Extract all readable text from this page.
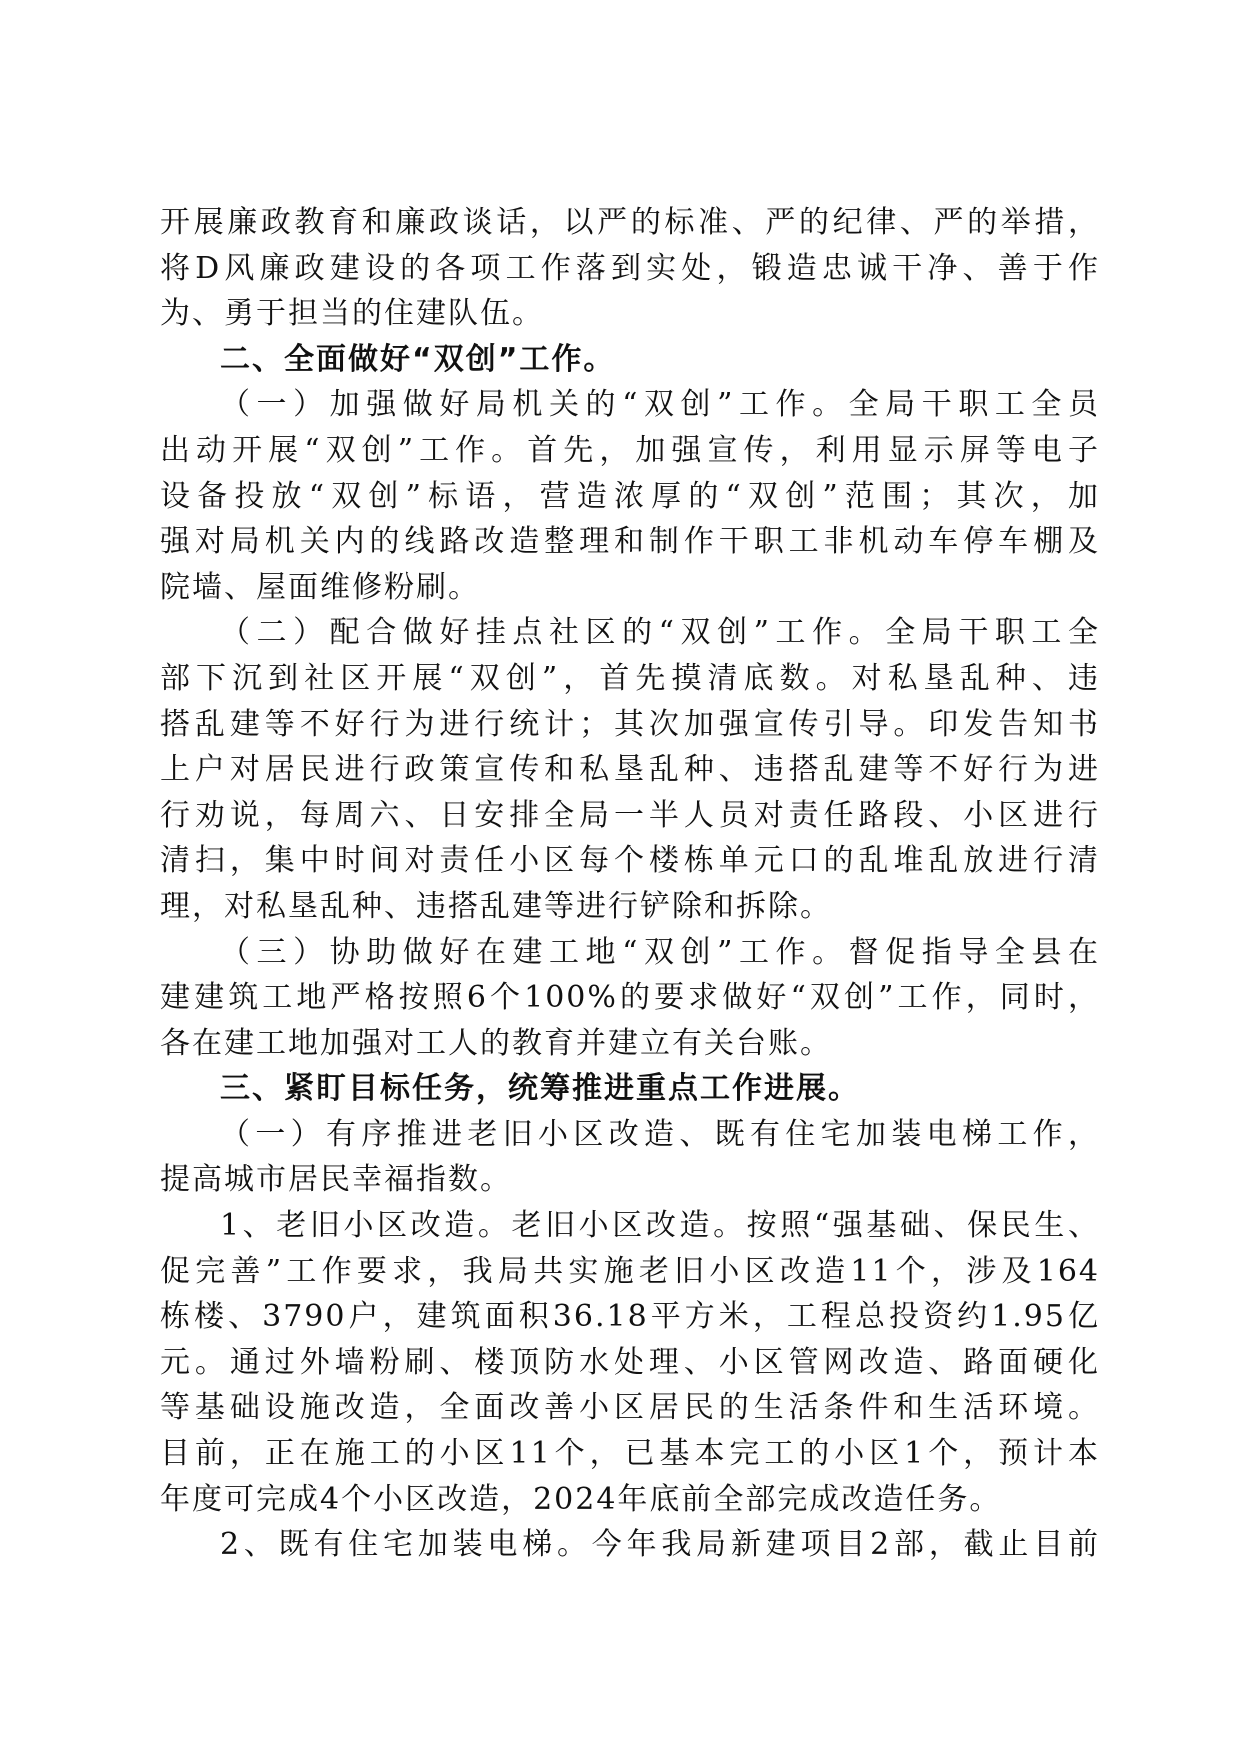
开展廉政教育和廉政谈话，以严的标准、严的纪律、严的举措，
将D风廉政建设的各项工作落到实处，锻造忠诚干净、善于作
为、勇于担当的住建队伍。
二、全面做好“双创”工作。
（一）加强做好局机关的“双创”工作。全局干职工全员
出动开展“双创”工作。首先，加强宣传，利用显示屏等电子
设备投放“双创”标语，营造浓厚的“双创”范围；其次，加
强对局机关内的线路改造整理和制作干职工非机动车停车棚及
院墙、屋面维修粉刷。
（二）配合做好挂点社区的“双创”工作。全局干职工全
部下沉到社区开展“双创”，首先摸清底数。对私垦乱种、违
搭乱建等不好行为进行统计；其次加强宣传引导。印发告知书
上户对居民进行政策宣传和私垦乱种、违搭乱建等不好行为进
行劝说，每周六、日安排全局一半人员对责任路段、小区进行
清扫，集中时间对责任小区每个楼栋单元口的乱堆乱放进行清
理，对私垦乱种、违搭乱建等进行铲除和拆除。
（三）协助做好在建工地“双创”工作。督促指导全县在
建建筑工地严格按照6个100%的要求做好“双创”工作，同时，
各在建工地加强对工人的教育并建立有关台账。
三、紧盯目标任务，统筹推进重点工作进展。
（一）有序推进老旧小区改造、既有住宅加装电梯工作，
提高城市居民幸福指数。
1、老旧小区改造。老旧小区改造。按照“强基础、保民生、
促完善”工作要求，我局共实施老旧小区改造11个，涉及164
栋楼、3790户，建筑面积36.18平方米，工程总投资约1.95亿
元。通过外墙粉刷、楼顶防水处理、小区管网改造、路面硬化
等基础设施改造，全面改善小区居民的生活条件和生活环境。
目前，正在施工的小区11个，已基本完工的小区1个，预计本
年度可完成4个小区改造，2024年底前全部完成改造任务。
2、既有住宅加装电梯。今年我局新建项目2部，截止目前
